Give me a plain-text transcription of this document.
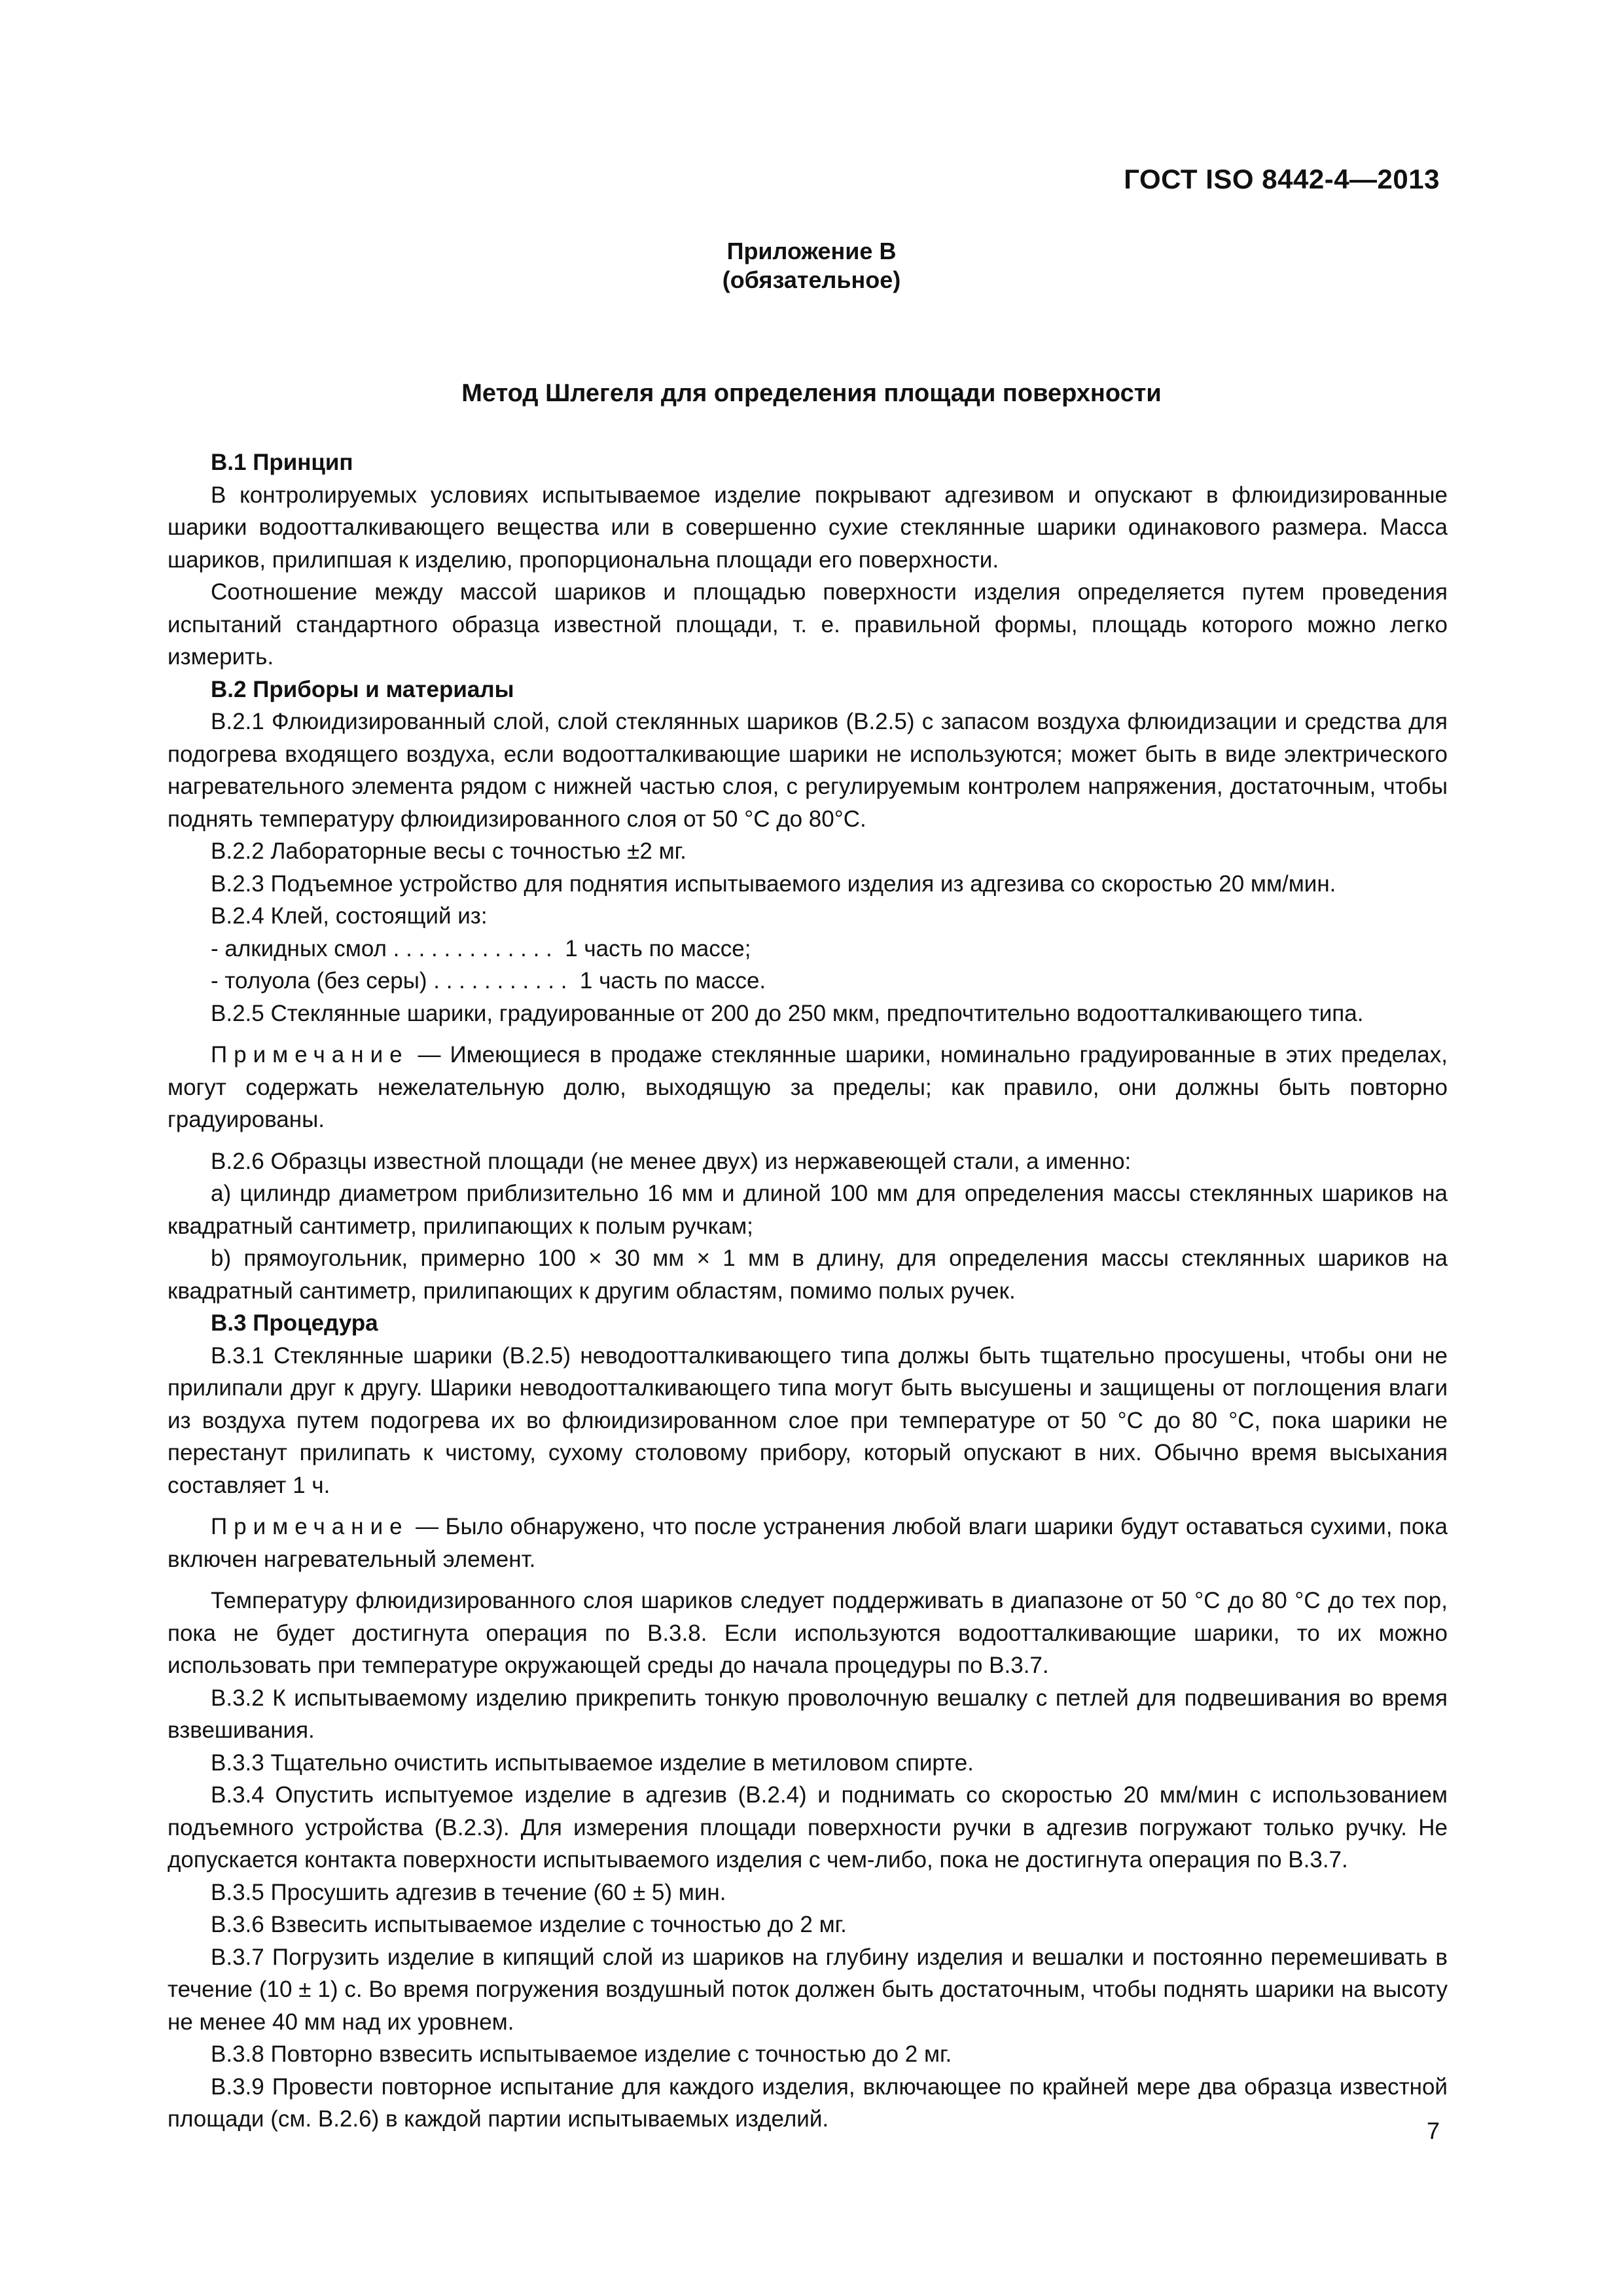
ГОСТ ISO 8442-4—2013
Приложение В
(обязательное)
Метод Шлегеля для определения площади поверхности

В.1 Принцип

В контролируемых условиях испытываемое изделие покрывают адгезивом и опускают в флюидизированные шарики водоотталкивающего вещества или в совершенно сухие стеклянные шарики одинакового размера. Масса шариков, прилипшая к изделию, пропорциональна площади его поверхности.

Соотношение между массой шариков и площадью поверхности изделия определяется путем проведения испытаний стандартного образца известной площади, т. е. правильной формы, площадь которого можно легко измерить.

В.2 Приборы и материалы

В.2.1 Флюидизированный слой, слой стеклянных шариков (В.2.5) с запасом воздуха флюидизации и средства для подогрева входящего воздуха, если водоотталкивающие шарики не используются; может быть в виде электрического нагревательного элемента рядом с нижней частью слоя, с регулируемым контролем напряжения, достаточным, чтобы поднять температуру флюидизированного слоя от 50 °С до 80°С.

В.2.2 Лабораторные весы с точностью ±2 мг.

В.2.3 Подъемное устройство для поднятия испытываемого изделия из адгезива со скоростью 20 мм/мин.

В.2.4 Клей, состоящий из:

- алкидных смол . . . . . . . . . . . . .  1 часть по массе;

- толуола (без серы) . . . . . . . . . . .  1 часть по массе.

В.2.5 Стеклянные шарики, градуированные от 200 до 250 мкм, предпочтительно водоотталкивающего типа.

Примечание — Имеющиеся в продаже стеклянные шарики, номинально градуированные в этих пределах, могут содержать нежелательную долю, выходящую за пределы; как правило, они должны быть повторно градуированы.

В.2.6 Образцы известной площади (не менее двух) из нержавеющей стали, а именно:

а) цилиндр диаметром приблизительно 16 мм и длиной 100 мм для определения массы стеклянных шариков на квадратный сантиметр, прилипающих к полым ручкам;

b) прямоугольник, примерно 100 × 30 мм × 1 мм в длину, для определения массы стеклянных шариков на квадратный сантиметр, прилипающих к другим областям, помимо полых ручек.

В.3 Процедура

В.3.1 Стеклянные шарики (В.2.5) неводоотталкивающего типа должы быть тщательно просушены, чтобы они не прилипали друг к другу. Шарики неводоотталкивающего типа могут быть высушены и защищены от поглощения влаги из воздуха путем подогрева их во флюидизированном слое при температуре от 50 °С до 80 °С, пока шарики не перестанут прилипать к чистому, сухому столовому прибору, который опускают в них. Обычно время высыхания составляет 1 ч.

Примечание — Было обнаружено, что после устранения любой влаги шарики будут оставаться сухими, пока включен нагревательный элемент.

Температуру флюидизированного слоя шариков следует поддерживать в диапазоне от 50 °С до 80 °С до тех пор, пока не будет достигнута операция по В.3.8. Если используются водоотталкивающие шарики, то их можно использовать при температуре окружающей среды до начала процедуры по В.3.7.

В.3.2 К испытываемому изделию прикрепить тонкую проволочную вешалку с петлей для подвешивания во время взвешивания.

В.3.3 Тщательно очистить испытываемое изделие в метиловом спирте.

В.3.4 Опустить испытуемое изделие в адгезив (В.2.4) и поднимать со скоростью 20 мм/мин с использованием подъемного устройства (В.2.3). Для измерения площади поверхности ручки в адгезив погружают только ручку. Не допускается контакта поверхности испытываемого изделия с чем-либо, пока не достигнута операция по В.3.7.

В.3.5 Просушить адгезив в течение (60 ± 5) мин.

В.3.6 Взвесить испытываемое изделие с точностью до 2 мг.

В.3.7 Погрузить изделие в кипящий слой из шариков на глубину изделия и вешалки и постоянно перемешивать в течение (10 ± 1) с. Во время погружения воздушный поток должен быть достаточным, чтобы поднять шарики на высоту не менее 40 мм над их уровнем.

В.3.8 Повторно взвесить испытываемое изделие с точностью до 2 мг.

В.3.9 Провести повторное испытание для каждого изделия, включающее по крайней мере два образца известной площади (см. В.2.6) в каждой партии испытываемых изделий.	7
